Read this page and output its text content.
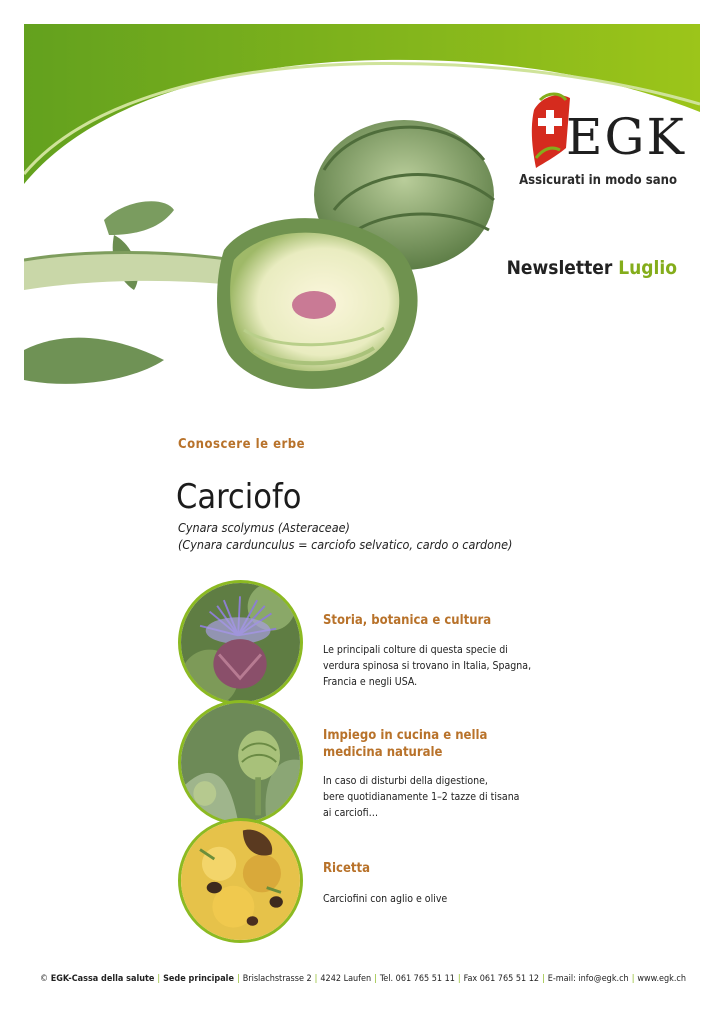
EGK
Assicurati in modo sano
Newsletter Luglio
Conoscere le erbe
Carciofo
Cynara scolymus (Asteraceae)
(Cynara cardunculus = carciofo selvatico, cardo o cardone)
Storia, botanica e cultura
Le principali colture di questa specie di
verdura spinosa si trovano in Italia, Spagna,
Francia e negli USA.
Impiego in cucina e nella
medicina naturale
In caso di disturbi della digestione,
bere quotidianamente 1–2 tazze di tisana
ai carciofi…
Ricetta
Carciofini con aglio e olive
© EGK-Cassa della salute | Sede principale | Brislachstrasse 2 | 4242 Laufen | Tel. 061 765 51 11 | Fax 061 765 51 12 | E-mail: info@egk.ch | www.egk.ch
